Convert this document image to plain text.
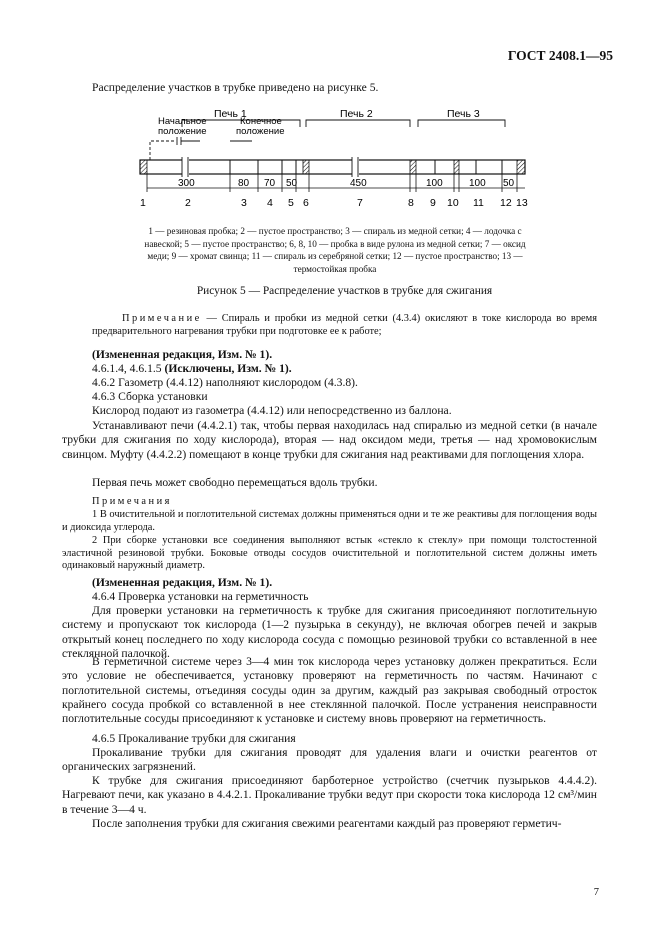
ГОСТ 2408.1—95
Распределение участков в трубке приведено на рисунке 5.
Печь 1	Печь 2	Печь 3
Начальное
положение
Конечное
положение
300	80 70 50	450	100	100 50
1	2	3 4 5 6	7	8 9 10 11 12 13
1 — резиновая пробка; 2 — пустое пространство; 3 — спираль из медной сетки; 4 — лодочка с
навеской; 5 — пустое пространство; 6, 8, 10 — пробка в виде рулона из медной сетки; 7 — оксид
меди; 9 — хромат свинца; 11 — спираль из серебряной сетки; 12 — пустое пространство; 13 —
термостойкая пробка
Рисунок 5 — Распределение участков в трубке для сжигания
Примечание — Спираль и пробки из медной сетки (4.3.4) окисляют в токе кислорода во время предварительного нагревания трубки при подготовке ее к работе;
(Измененная редакция, Изм. № 1).
4.6.1.4, 4.6.1.5 (Исключены, Изм. № 1).
4.6.2 Газометр (4.4.12) наполняют кислородом (4.3.8).
4.6.3 Сборка установки
Кислород подают из газометра (4.4.12) или непосредственно из баллона.
Устанавливают печи (4.4.2.1) так, чтобы первая находилась над спиралью из медной сетки (в начале трубки для сжигания по ходу кислорода), вторая — над оксидом меди, третья — над хромовокислым свинцом. Муфту (4.4.2.2) помещают в конце трубки для сжигания над реактивами для поглощения хлора.
Первая печь может свободно перемещаться вдоль трубки.
Примечания
1 В очистительной и поглотительной системах должны применяться одни и те же реактивы для поглощения воды и диоксида углерода.
2 При сборке установки все соединения выполняют встык «стекло к стеклу» при помощи толстостенной эластичной резиновой трубки. Боковые отводы сосудов очистительной и поглотительной систем должны иметь одинаковый наружный диаметр.
(Измененная редакция, Изм. № 1).
4.6.4 Проверка установки на герметичность
Для проверки установки на герметичность к трубке для сжигания присоединяют поглотительную систему и пропускают ток кислорода (1—2 пузырька в секунду), не включая обогрев печей и закрыв открытый конец последнего по ходу кислорода сосуда с помощью резиновой трубки со вставленной в нее стеклянной палочкой.
В герметичной системе через 3—4 мин ток кислорода через установку должен прекратиться. Если это условие не обеспечивается, установку проверяют на герметичность по частям. Начинают с поглотительной системы, отъединяя сосуды один за другим, каждый раз закрывая свободный отросток крайнего сосуда пробкой со вставленной в нее стеклянной палочкой. После устранения неисправности поглотительные сосуды присоединяют к установке и систему вновь проверяют на герметичность.
4.6.5 Прокаливание трубки для сжигания
Прокаливание трубки для сжигания проводят для удаления влаги и очистки реагентов от органических загрязнений.
К трубке для сжигания присоединяют барботерное устройство (счетчик пузырьков 4.4.4.2). Нагревают печи, как указано в 4.4.2.1. Прокаливание трубки ведут при скорости тока кислорода 12 см³/мин в течение 3—4 ч.
После заполнения трубки для сжигания свежими реагентами каждый раз проверяют герметич-
7
